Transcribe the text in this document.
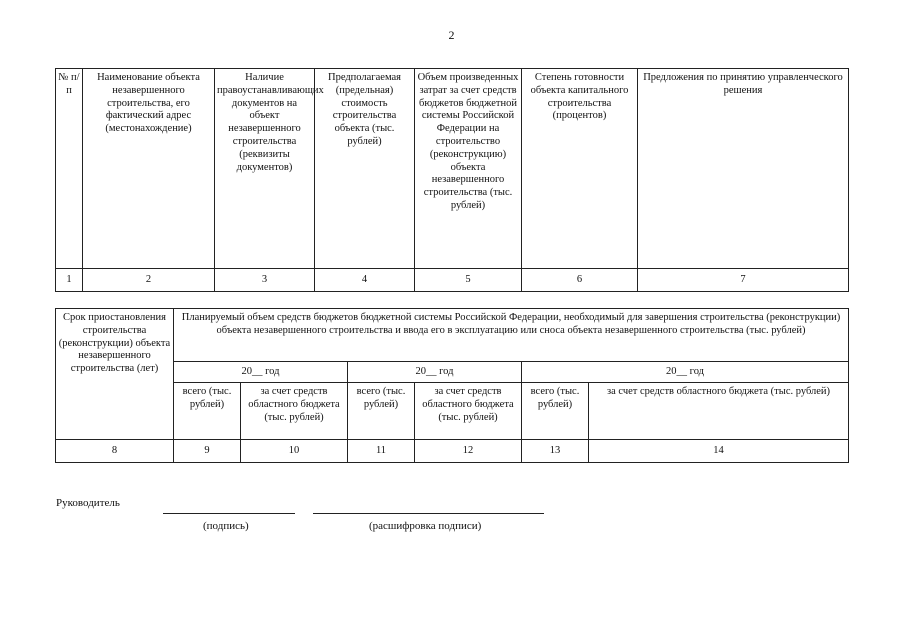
2
№ п/п	Наименование объекта незавершенного строительства, его фактический адрес (местонахождение)	Наличие правоустанавливающих документов на объект незавершенного строительства (реквизиты документов)	Предполагаемая (предельная) стоимость строительства объекта (тыс. рублей)	Объем произведенных затрат за счет средств бюджетов бюджетной системы Российской Федерации на строительство (реконструкцию) объекта незавершенного строительства (тыс. рублей)	Степень готовности объекта капитального строительства (процентов)	Предложения по принятию управленческого решения
1	2	3	4	5	6	7
Срок приостановления строительства (реконструкции) объекта незавершенного строительства (лет)	Планируемый объем средств бюджетов бюджетной системы Российской Федерации, необходимый для завершения строительства (реконструкции) объекта незавершенного строительства и ввода его в эксплуатацию или сноса объекта незавершенного строительства (тыс. рублей)					
	20__ год		20__ год		20__ год	
	всего (тыс. рублей)	за счет средств областного бюджета (тыс. рублей)	всего (тыс. рублей)	за счет средств областного бюджета (тыс. рублей)	всего (тыс. рублей)	за счет средств областного бюджета (тыс. рублей)
8	9	10	11	12	13	14
Руководитель
(подпись)	(расшифровка подписи)
